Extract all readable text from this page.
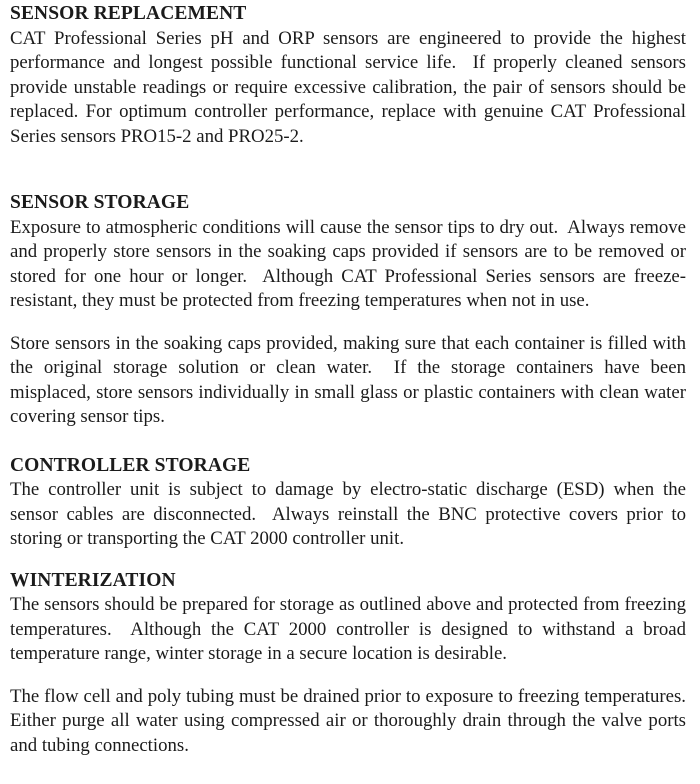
SENSOR REPLACEMENT

CAT Professional Series pH and ORP sensors are engineered to provide the highest performance and longest possible functional service life.  If properly cleaned sensors provide unstable readings or require excessive calibration, the pair of sensors should be replaced. For optimum controller performance, replace with genuine CAT Professional Series sensors PRO15-2 and PRO25-2.

SENSOR STORAGE

Exposure to atmospheric conditions will cause the sensor tips to dry out.  Always remove and properly store sensors in the soaking caps provided if sensors are to be removed or stored for one hour or longer.  Although CAT Professional Series sensors are freeze-resistant, they must be protected from freezing temperatures when not in use.

Store sensors in the soaking caps provided, making sure that each container is filled with the original storage solution or clean water.  If the storage containers have been misplaced, store sensors individually in small glass or plastic containers with clean water covering sensor tips.

CONTROLLER STORAGE

The controller unit is subject to damage by electro-static discharge (ESD) when the sensor cables are disconnected.  Always reinstall the BNC protective covers prior to storing or transporting the CAT 2000 controller unit.

WINTERIZATION

The sensors should be prepared for storage as outlined above and protected from freezing temperatures.  Although the CAT 2000 controller is designed to withstand a broad temperature range, winter storage in a secure location is desirable.

The flow cell and poly tubing must be drained prior to exposure to freezing temperatures.  Either purge all water using compressed air or thoroughly drain through the valve ports and tubing connections.
